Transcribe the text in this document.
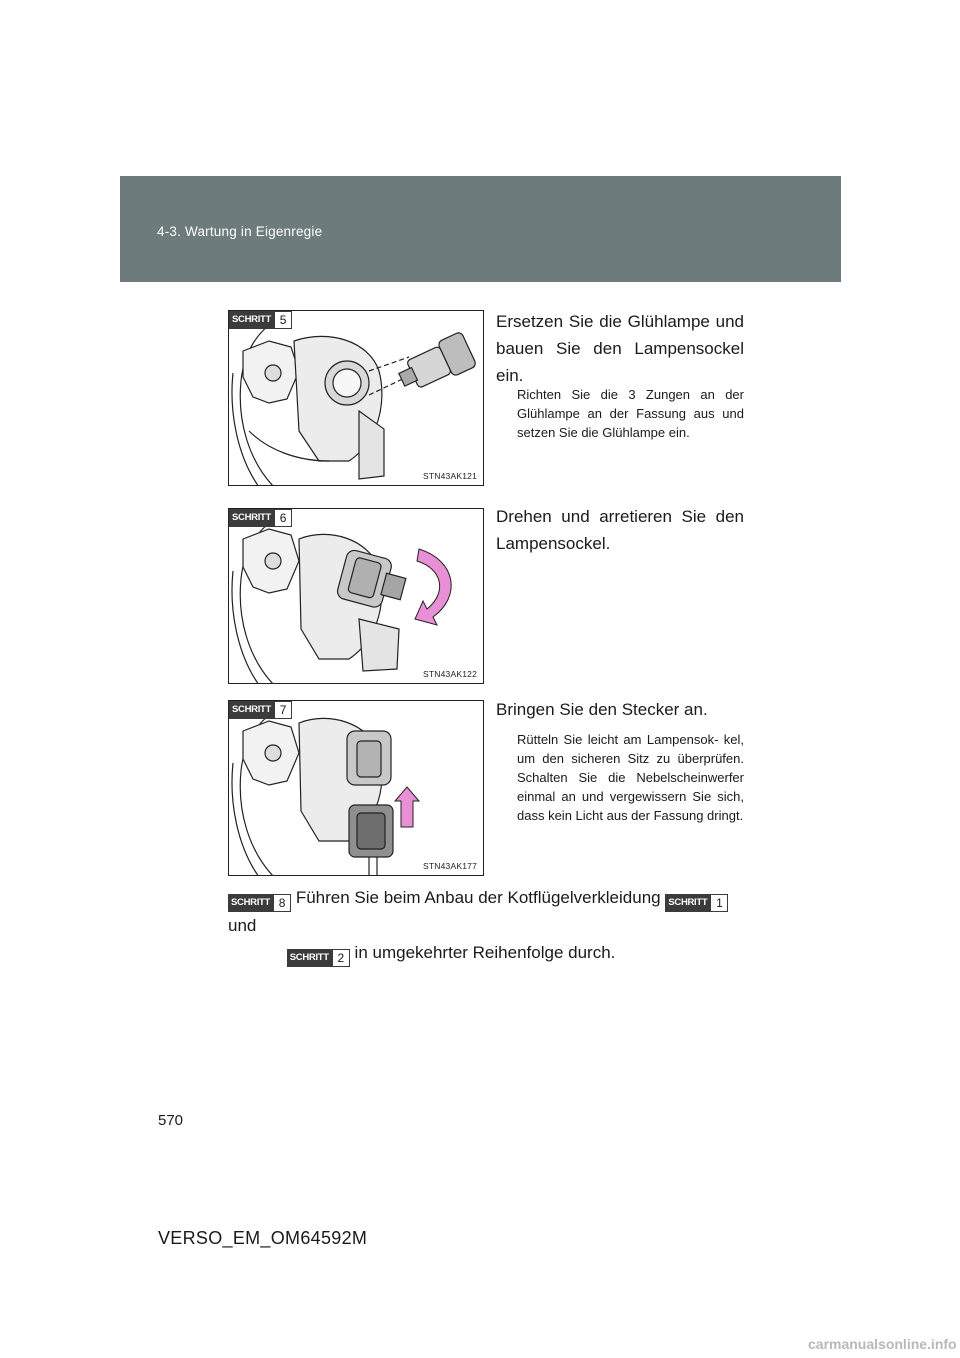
4-3. Wartung in Eigenregie
SCHRITT 5
STN43AK121
Ersetzen Sie die Glühlampe und bauen Sie den Lampensockel ein.
Richten Sie die 3 Zungen an der Glühlampe an der Fassung aus und setzen Sie die Glühlampe ein.
SCHRITT 6
STN43AK122
Drehen und arretieren Sie den Lampensockel.
SCHRITT 7
STN43AK177
Bringen Sie den Stecker an.
Rütteln Sie leicht am Lampensok- kel, um den sicheren Sitz zu überprüfen. Schalten Sie die Nebelscheinwerfer einmal an und vergewissern Sie sich, dass kein Licht aus der Fassung dringt.
SCHRITT 8 Führen Sie beim Anbau der Kotflügelverkleidung SCHRITT 1
und

SCHRITT 2 in umgekehrter Reihenfolge durch.
570
VERSO_EM_OM64592M
carmanualsonline.info
